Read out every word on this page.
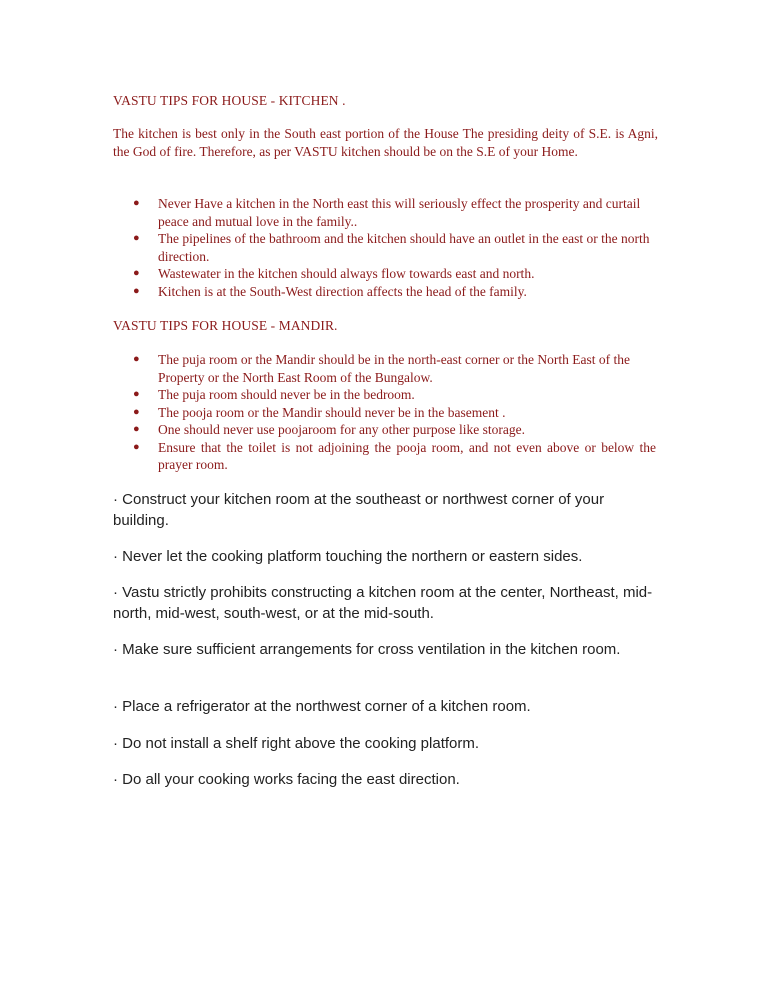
VASTU TIPS FOR HOUSE - KITCHEN .

The kitchen is best only in the South east portion of the House The presiding deity of S.E. is Agni, the God of fire. Therefore, as per VASTU kitchen should be on the S.E of your Home.

● Never Have a kitchen in the North east this will seriously effect the prosperity and curtail peace and mutual love in the family..
● The pipelines of the bathroom and the kitchen should have an outlet in the east or the north direction.
● Wastewater in the kitchen should always flow towards east and north.
● Kitchen is at the South-West direction affects the head of the family.
VASTU TIPS FOR HOUSE - MANDIR.
● The puja room or the Mandir should be in the north-east corner or the North East of the Property or the North East Room of the Bungalow.
● The puja room should never be in the bedroom.
● The pooja room or the Mandir should never be in the basement .
● One should never use poojaroom for any other purpose like storage.
● Ensure that the toilet is not adjoining the pooja room, and not even above or below the prayer room.

· Construct your kitchen room at the southeast or northwest corner of your building.

· Never let the cooking platform touching the northern or eastern sides.

· Vastu strictly prohibits constructing a kitchen room at the center, Northeast, mid-north, mid-west, south-west, or at the mid-south.

· Make sure sufficient arrangements for cross ventilation in the kitchen room.

· Place a refrigerator at the northwest corner of a kitchen room.

· Do not install a shelf right above the cooking platform.

· Do all your cooking works facing the east direction.
